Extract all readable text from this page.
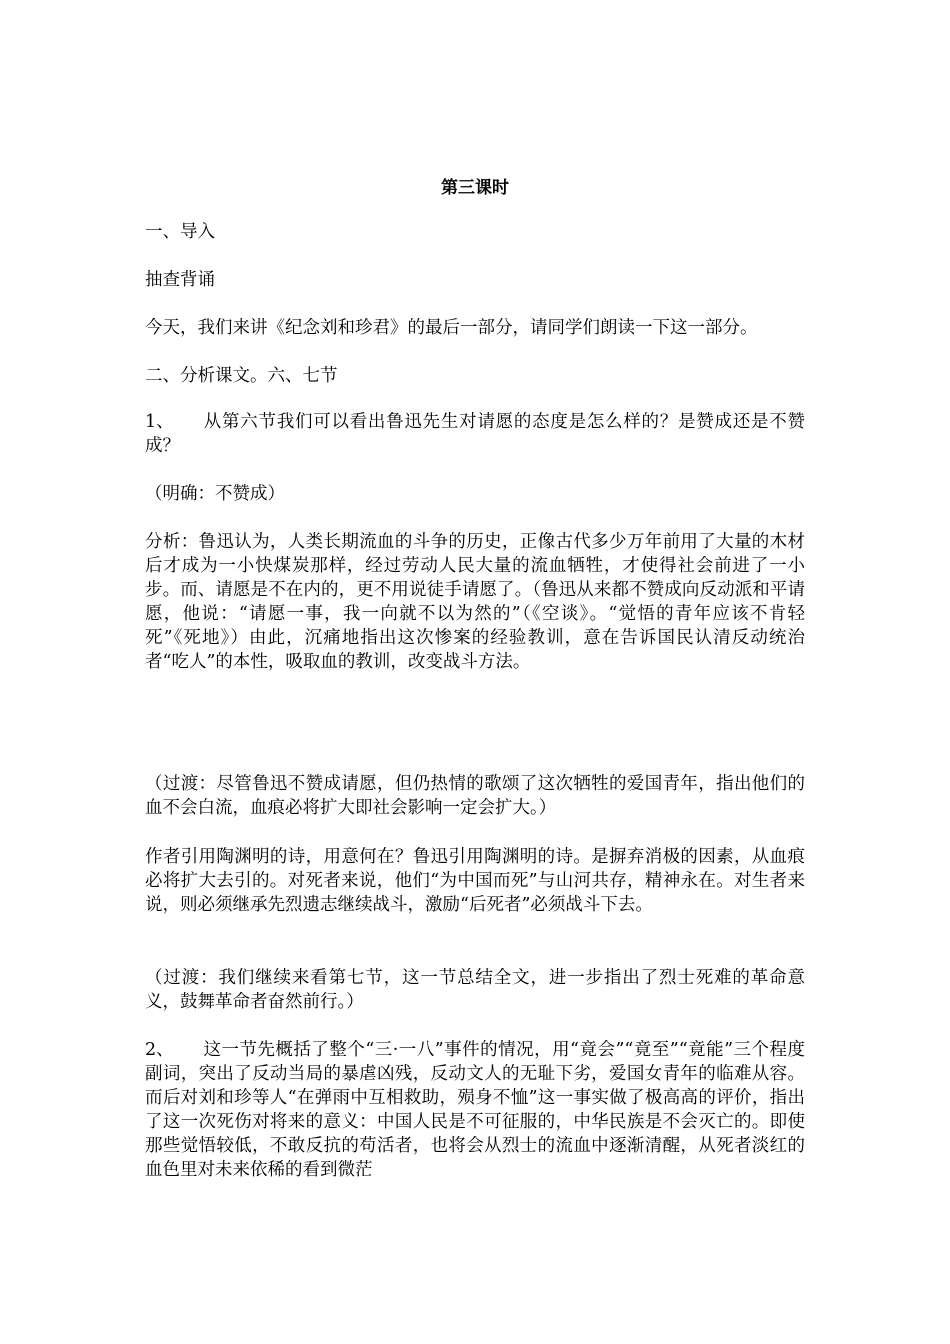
第三课时

一、导入

抽查背诵

今天，我们来讲《纪念刘和珍君》的最后一部分，请同学们朗读一下这一部分。

二、分析课文。六、七节

1、 从第六节我们可以看出鲁迅先生对请愿的态度是怎么样的？是赞成还是不赞成？

（明确：不赞成）

分析：鲁迅认为，人类长期流血的斗争的历史，正像古代多少万年前用了大量的木材后才成为一小快煤炭那样，经过劳动人民大量的流血牺牲，才使得社会前进了一小步。而、请愿是不在内的，更不用说徒手请愿了。（鲁迅从来都不赞成向反动派和平请愿，他说：“请愿一事，我一向就不以为然的”（《空谈》。“觉悟的青年应该不肯轻死”《死地》）由此，沉痛地指出这次惨案的经验教训，意在告诉国民认清反动统治者“吃人”的本性，吸取血的教训，改变战斗方法。

（过渡：尽管鲁迅不赞成请愿，但仍热情的歌颂了这次牺牲的爱国青年，指出他们的血不会白流，血痕必将扩大即社会影响一定会扩大。）

作者引用陶渊明的诗，用意何在？鲁迅引用陶渊明的诗。是摒弃消极的因素，从血痕必将扩大去引的。对死者来说，他们“为中国而死”与山河共存，精神永在。对生者来说，则必须继承先烈遗志继续战斗，激励“后死者”必须战斗下去。

（过渡：我们继续来看第七节，这一节总结全文，进一步指出了烈士死难的革命意义，鼓舞革命者奋然前行。）

2、 这一节先概括了整个“三·一八”事件的情况，用“竟会”“竟至”“竟能”三个程度副词，突出了反动当局的暴虐凶残，反动文人的无耻下劣，爱国女青年的临难从容。而后对刘和珍等人“在弹雨中互相救助，殒身不恤”这一事实做了极高高的评价，指出了这一次死伤对将来的意义：中国人民是不可征服的，中华民族是不会灭亡的。即使那些觉悟较低，不敢反抗的苟活者，也将会从烈士的流血中逐渐清醒，从死者淡红的血色里对未来依稀的看到微茫
